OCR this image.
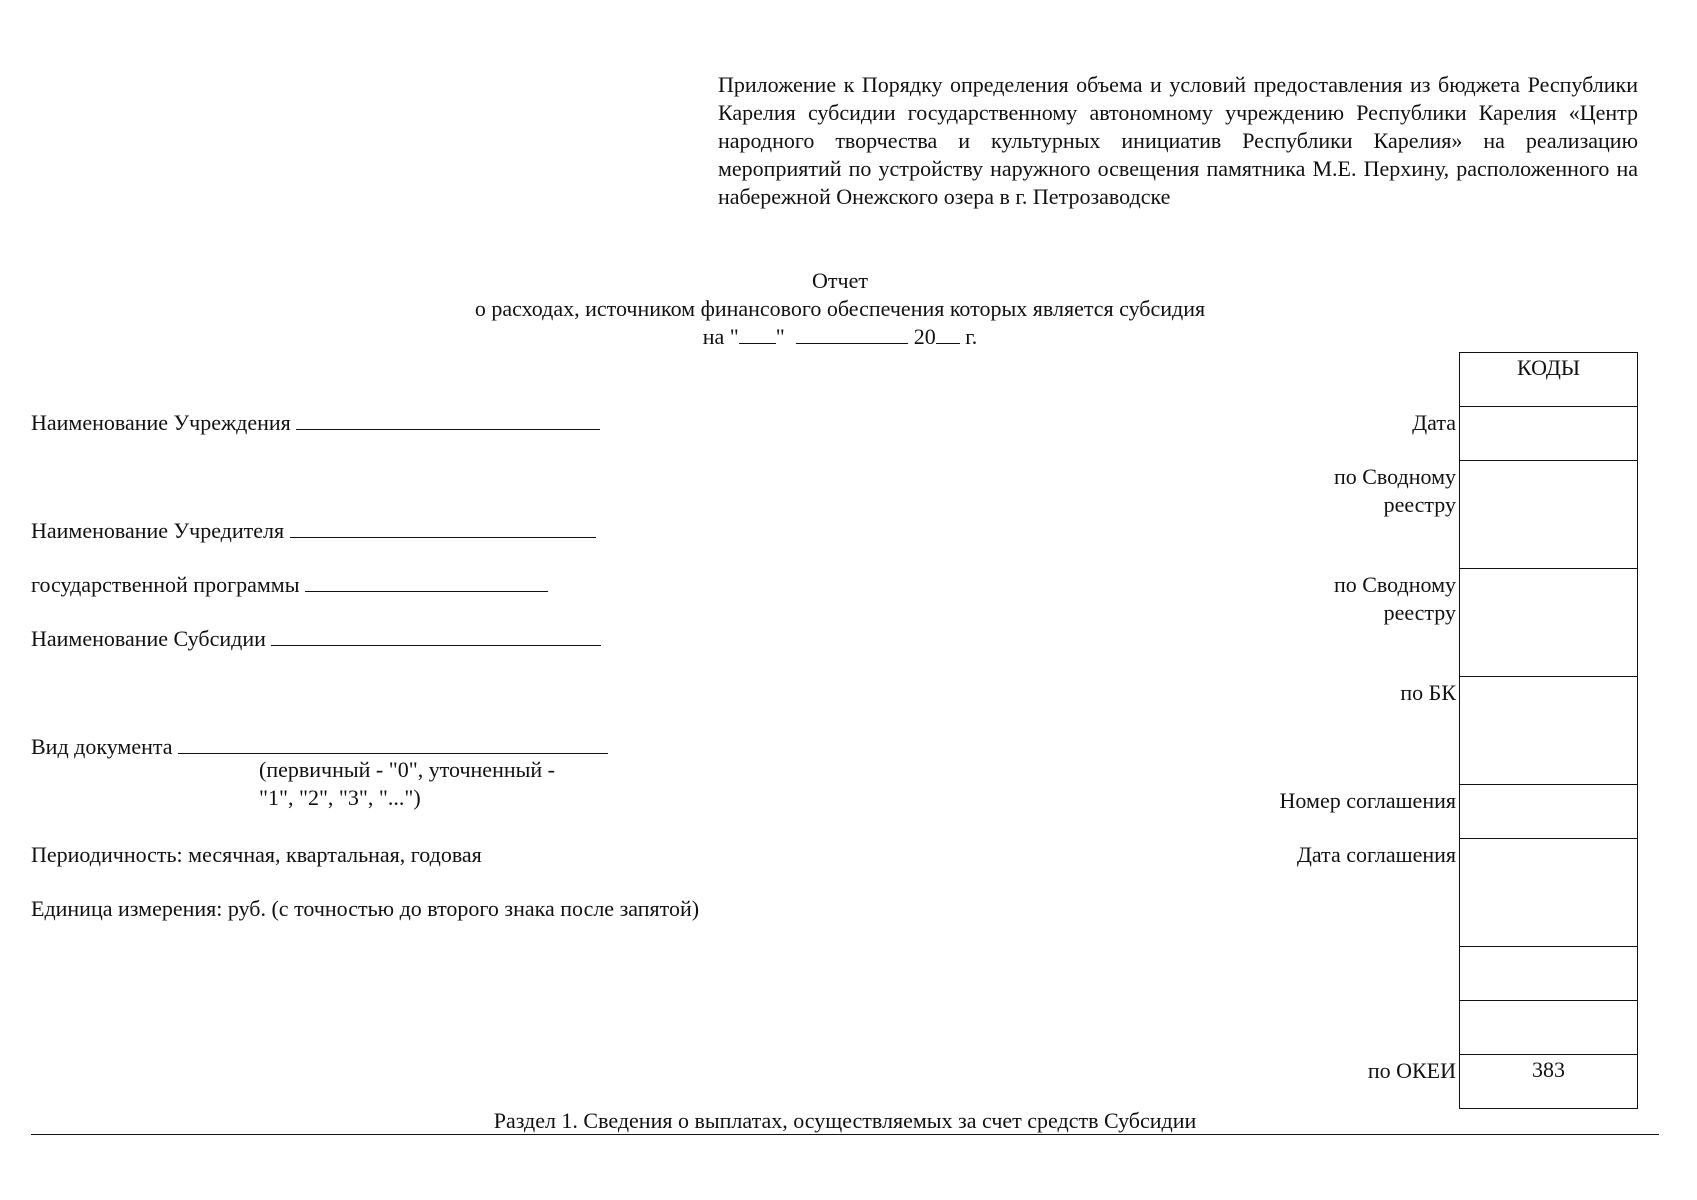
Приложение к Порядку определения объема и условий предоставления из бюджета Республики Карелия субсидии государственному автономному учреждению Республики Карелия «Центр народного творчества и культурных инициатив Республики Карелия» на реализацию мероприятий по устройству наружного освещения памятника М.Е. Перхину, расположенного на набережной Онежского озера в г. Петрозаводске
Отчет
о расходах, источником финансового обеспечения которых является субсидия
на " "	20 г.
Наименование Учреждения
Наименование Учредителя
государственной программы
Наименование Субсидии
Вид документа
(первичный - "0", уточненный -
"1", "2", "3", "...")
Периодичность: месячная, квартальная, годовая
Единица измерения: руб. (с точностью до второго знака после запятой)
КОДЫ
383
Дата
по Сводному
реестру
по Сводному
реестру
по БК
Номер соглашения
Дата соглашения
по ОКЕИ
Раздел 1. Сведения о выплатах, осуществляемых за счет средств Субсидии
